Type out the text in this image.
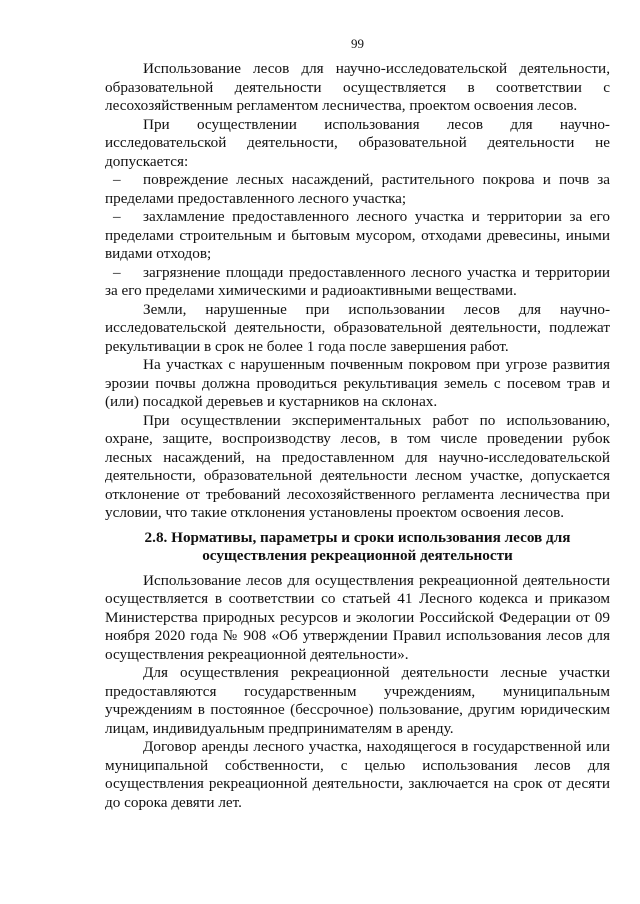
99

Использование лесов для научно-исследовательской деятельности, образовательной деятельности осуществляется в соответствии с лесохозяйственным регламентом лесничества, проектом освоения лесов.

При осуществлении использования лесов для научно-исследовательской деятельности, образовательной деятельности не допускается:

– повреждение лесных насаждений, растительного покрова и почв за пределами предоставленного лесного участка;

– захламление предоставленного лесного участка и территории за его пределами строительным и бытовым мусором, отходами древесины, иными видами отходов;

– загрязнение площади предоставленного лесного участка и территории за его пределами химическими и радиоактивными веществами.

Земли, нарушенные при использовании лесов для научно-исследовательской деятельности, образовательной деятельности, подлежат рекультивации в срок не более 1 года после завершения работ.

На участках с нарушенным почвенным покровом при угрозе развития эрозии почвы должна проводиться рекультивация земель с посевом трав и (или) посадкой деревьев и кустарников на склонах.

При осуществлении экспериментальных работ по использованию, охране, защите, воспроизводству лесов, в том числе проведении рубок лесных насаждений, на предоставленном для научно-исследовательской деятельности, образовательной деятельности лесном участке, допускается отклонение от требований лесохозяйственного регламента лесничества при условии, что такие отклонения установлены проектом освоения лесов.

2.8. Нормативы, параметры и сроки использования лесов для
осуществления рекреационной деятельности

Использование лесов для осуществления рекреационной деятельности осуществляется в соответствии со статьей 41 Лесного кодекса и приказом Министерства природных ресурсов и экологии Российской Федерации от 09 ноября 2020 года № 908 «Об утверждении Правил использования лесов для осуществления рекреационной деятельности».

Для осуществления рекреационной деятельности лесные участки предоставляются государственным учреждениям, муниципальным учреждениям в постоянное (бессрочное) пользование, другим юридическим лицам, индивидуальным предпринимателям в аренду.

Договор аренды лесного участка, находящегося в государственной или муниципальной собственности, с целью использования лесов для осуществления рекреационной деятельности, заключается на срок от десяти до сорока девяти лет.
